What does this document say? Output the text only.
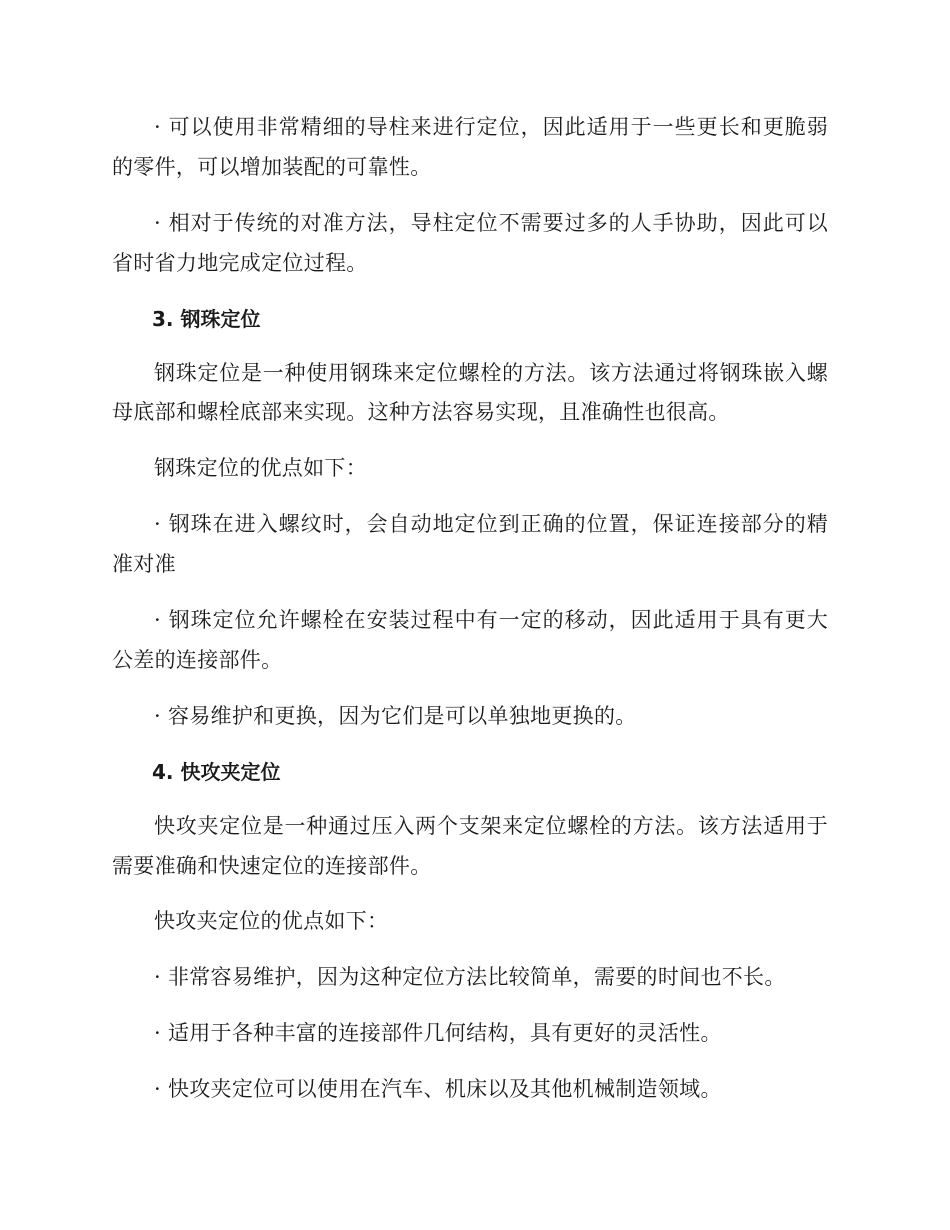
· 可以使用非常精细的导柱来进行定位，因此适用于一些更长和更脆弱的零件，可以增加装配的可靠性。

· 相对于传统的对准方法，导柱定位不需要过多的人手协助，因此可以省时省力地完成定位过程。

3. 钢珠定位

钢珠定位是一种使用钢珠来定位螺栓的方法。该方法通过将钢珠嵌入螺母底部和螺栓底部来实现。这种方法容易实现，且准确性也很高。

钢珠定位的优点如下：

· 钢珠在进入螺纹时，会自动地定位到正确的位置，保证连接部分的精准对准

· 钢珠定位允许螺栓在安装过程中有一定的移动，因此适用于具有更大公差的连接部件。

· 容易维护和更换，因为它们是可以单独地更换的。

4. 快攻夹定位

快攻夹定位是一种通过压入两个支架来定位螺栓的方法。该方法适用于需要准确和快速定位的连接部件。

快攻夹定位的优点如下：

· 非常容易维护，因为这种定位方法比较简单，需要的时间也不长。

· 适用于各种丰富的连接部件几何结构，具有更好的灵活性。

· 快攻夹定位可以使用在汽车、机床以及其他机械制造领域。
